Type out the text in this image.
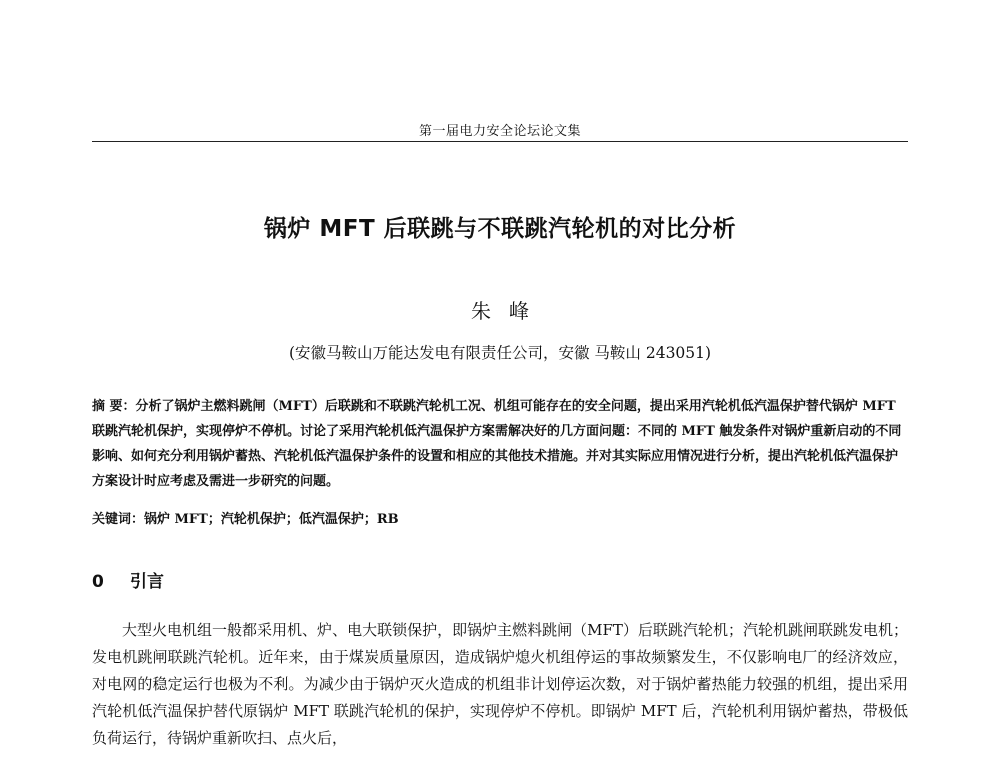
第一届电力安全论坛论文集
锅炉 MFT 后联跳与不联跳汽轮机的对比分析
朱峰
(安徽马鞍山万能达发电有限责任公司，安徽 马鞍山 243051)
摘 要：分析了锅炉主燃料跳闸（MFT）后联跳和不联跳汽轮机工况、机组可能存在的安全问题，提出采用汽轮机低汽温保护替代锅炉 MFT 联跳汽轮机保护，实现停炉不停机。讨论了采用汽轮机低汽温保护方案需解决好的几方面问题：不同的 MFT 触发条件对锅炉重新启动的不同影响、如何充分利用锅炉蓄热、汽轮机低汽温保护条件的设置和相应的其他技术措施。并对其实际应用情况进行分析，提出汽轮机低汽温保护方案设计时应考虑及需进一步研究的问题。
关键词：锅炉 MFT；汽轮机保护；低汽温保护；RB
0 引言
大型火电机组一般都采用机、炉、电大联锁保护，即锅炉主燃料跳闸（MFT）后联跳汽轮机；汽轮机跳闸联跳发电机；发电机跳闸联跳汽轮机。近年来，由于煤炭质量原因，造成锅炉熄火机组停运的事故频繁发生，不仅影响电厂的经济效应，对电网的稳定运行也极为不利。为减少由于锅炉灭火造成的机组非计划停运次数，对于锅炉蓄热能力较强的机组，提出采用汽轮机低汽温保护替代原锅炉 MFT 联跳汽轮机的保护，实现停炉不停机。即锅炉 MFT 后，汽轮机利用锅炉蓄热，带极低负荷运行，待锅炉重新吹扫、点火后，
